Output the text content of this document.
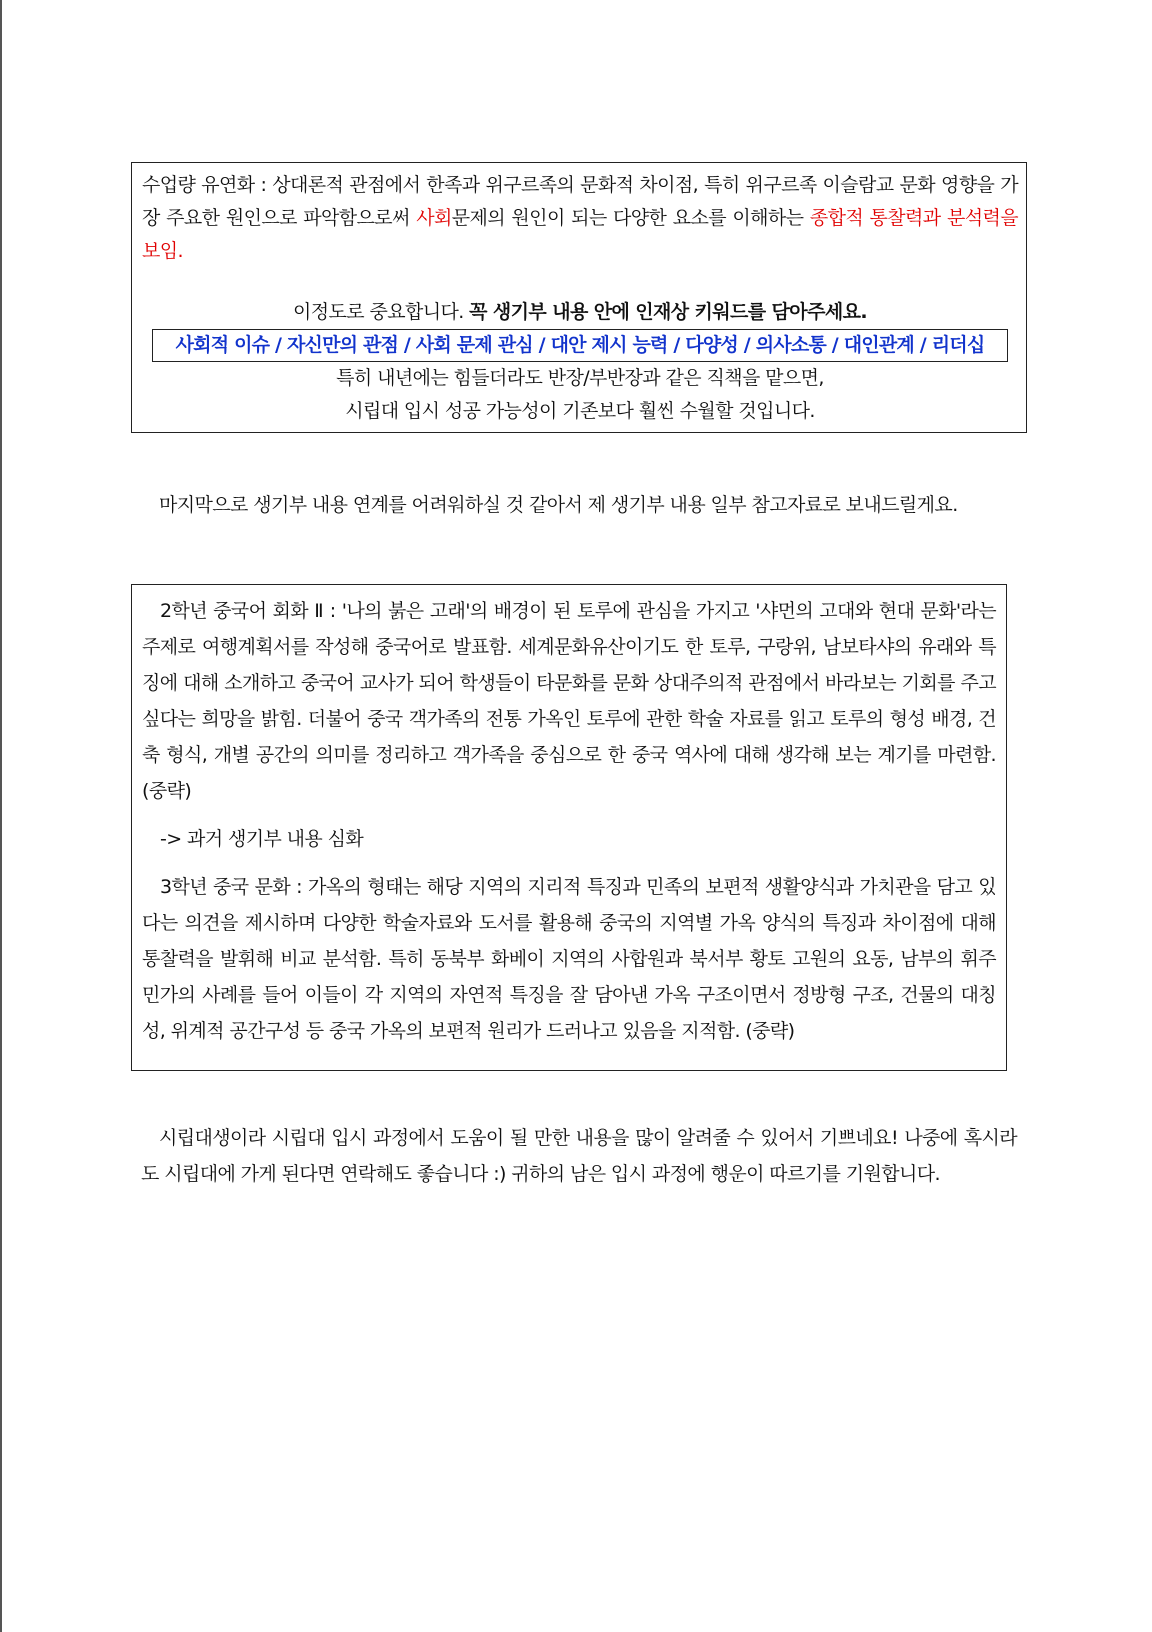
수업량 유연화 : 상대론적 관점에서 한족과 위구르족의 문화적 차이점, 특히 위구르족 이슬람교 문화 영향을 가장 주요한 원인으로 파악함으로써 사회문제의 원인이 되는 다양한 요소를 이해하는 종합적 통찰력과 분석력을 보임.

이정도로 중요합니다. 꼭 생기부 내용 안에 인재상 키워드를 담아주세요.

사회적 이슈 / 자신만의 관점 / 사회 문제 관심 / 대안 제시 능력 / 다양성 / 의사소통 / 대인관계 / 리더십

특히 내년에는 힘들더라도 반장/부반장과 같은 직책을 맡으면,

시립대 입시 성공 가능성이 기존보다 훨씬 수월할 것입니다.

마지막으로 생기부 내용 연계를 어려워하실 것 같아서 제 생기부 내용 일부 참고자료로 보내드릴게요.

2학년 중국어 회화 Ⅱ : '나의 붉은 고래'의 배경이 된 토루에 관심을 가지고 '샤먼의 고대와 현대 문화'라는 주제로 여행계획서를 작성해 중국어로 발표함. 세계문화유산이기도 한 토루, 구랑위, 남보타샤의 유래와 특징에 대해 소개하고 중국어 교사가 되어 학생들이 타문화를 문화 상대주의적 관점에서 바라보는 기회를 주고 싶다는 희망을 밝힘. 더불어 중국 객가족의 전통 가옥인 토루에 관한 학술 자료를 읽고 토루의 형성 배경, 건축 형식, 개별 공간의 의미를 정리하고 객가족을 중심으로 한 중국 역사에 대해 생각해 보는 계기를 마련함. (중략)

-> 과거 생기부 내용 심화

3학년 중국 문화 : 가옥의 형태는 해당 지역의 지리적 특징과 민족의 보편적 생활양식과 가치관을 담고 있다는 의견을 제시하며 다양한 학술자료와 도서를 활용해 중국의 지역별 가옥 양식의 특징과 차이점에 대해 통찰력을 발휘해 비교 분석함. 특히 동북부 화베이 지역의 사합원과 북서부 황토 고원의 요동, 남부의 휘주 민가의 사례를 들어 이들이 각 지역의 자연적 특징을 잘 담아낸 가옥 구조이면서 정방형 구조, 건물의 대칭성, 위계적 공간구성 등 중국 가옥의 보편적 원리가 드러나고 있음을 지적함. (중략)

시립대생이라 시립대 입시 과정에서 도움이 될 만한 내용을 많이 알려줄 수 있어서 기쁘네요! 나중에 혹시라도 시립대에 가게 된다면 연락해도 좋습니다 :) 귀하의 남은 입시 과정에 행운이 따르기를 기원합니다.
